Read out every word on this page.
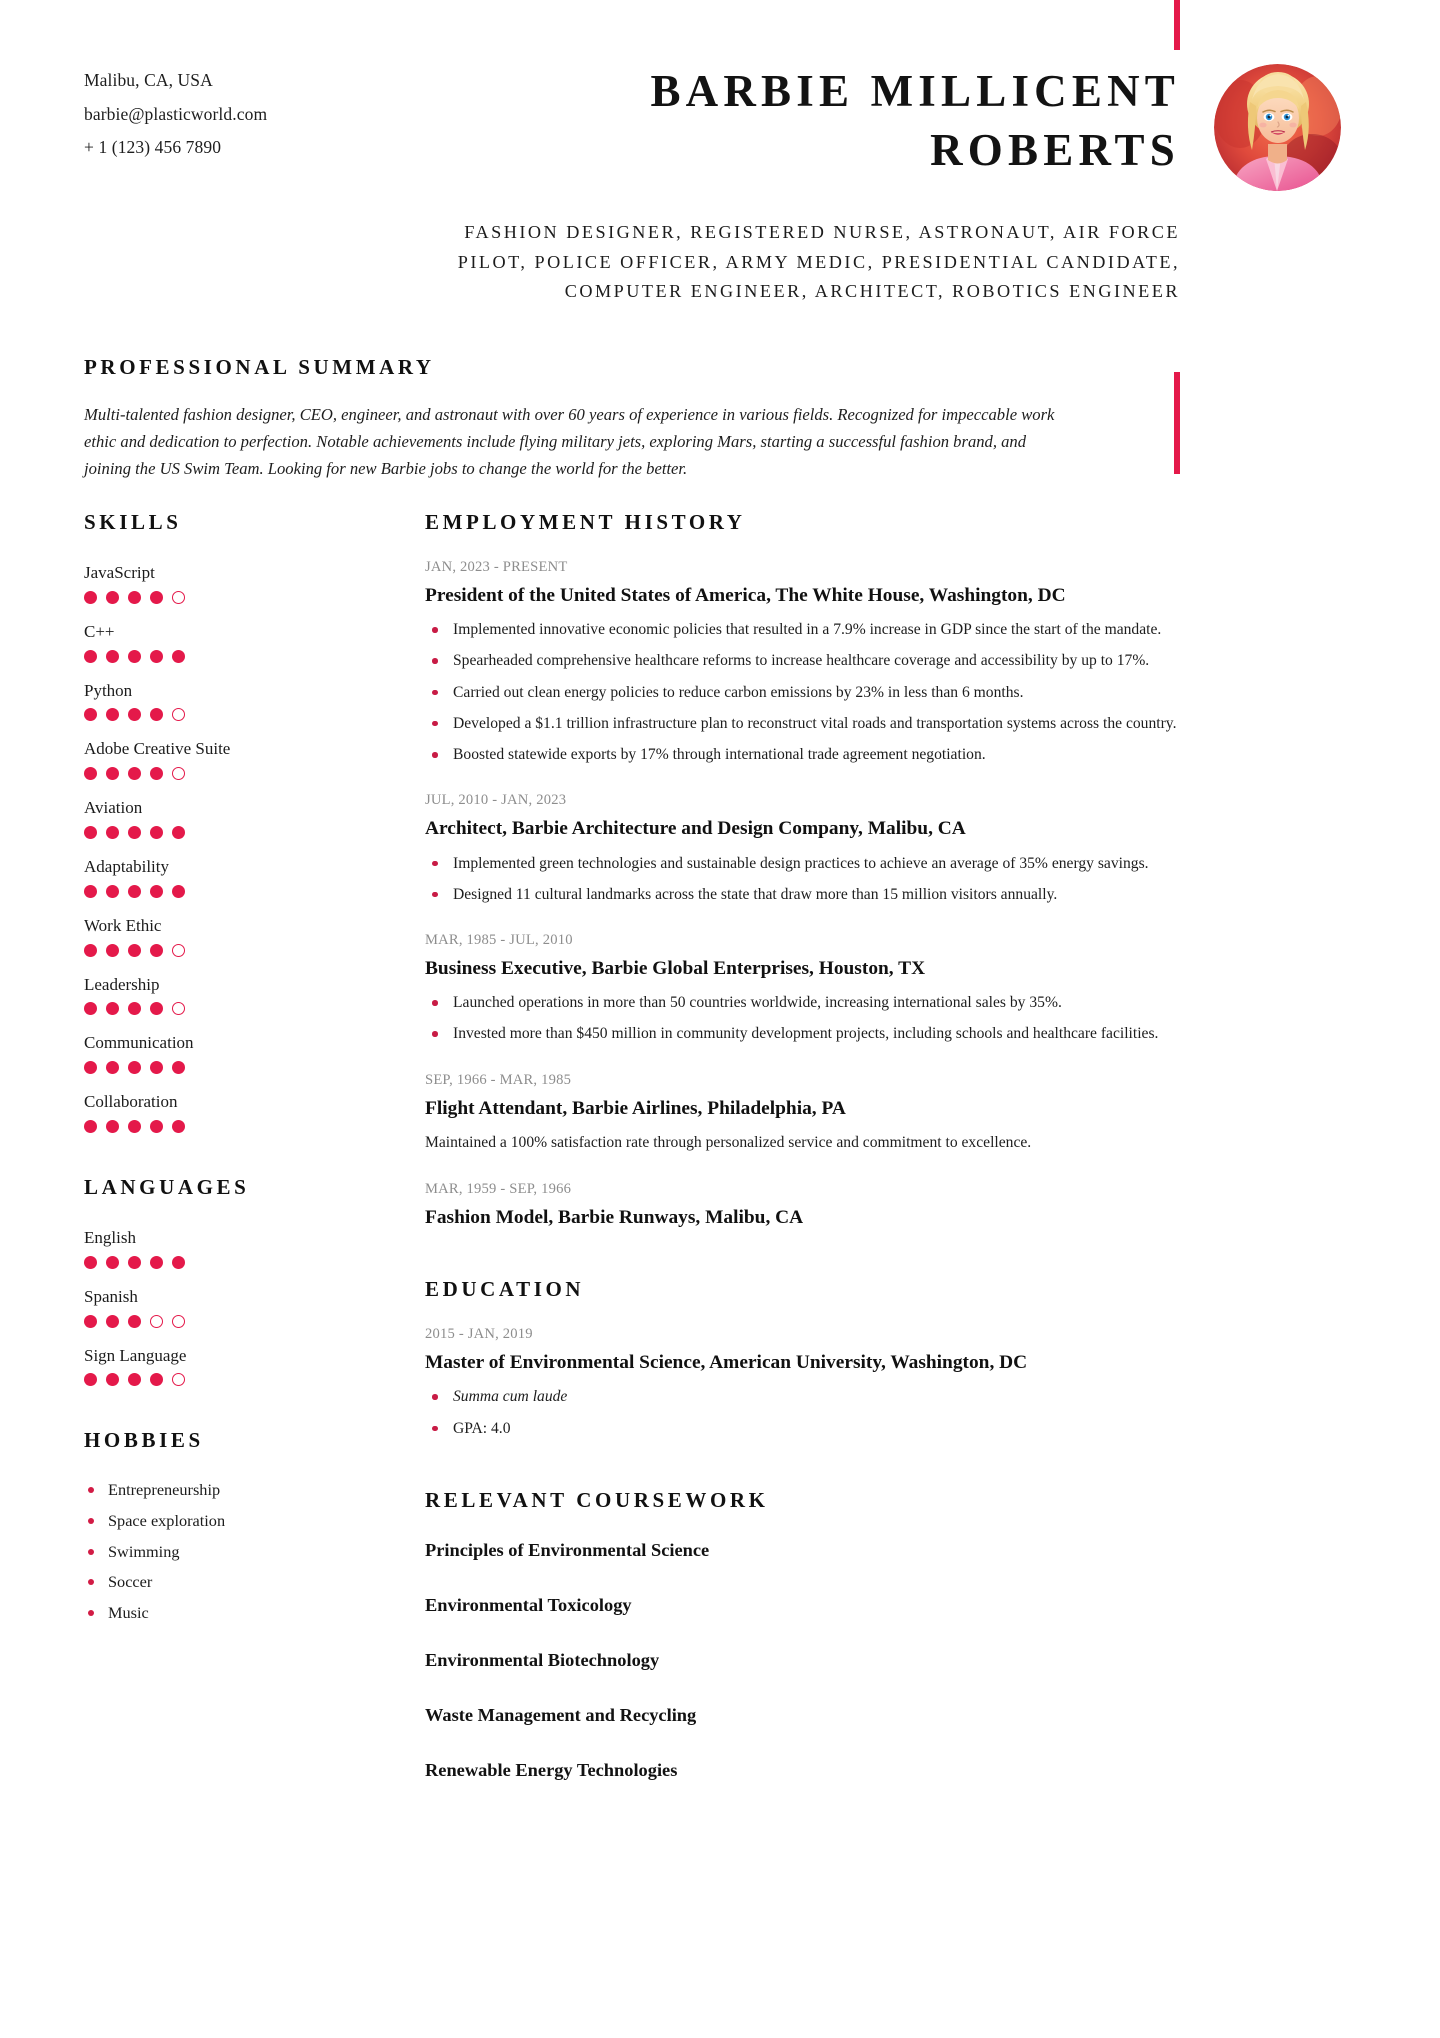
Malibu, CA, USA
barbie@plasticworld.com
+ 1 (123) 456 7890
BARBIE MILLICENT
ROBERTS
FASHION DESIGNER, REGISTERED NURSE, ASTRONAUT, AIR FORCE PILOT, POLICE OFFICER, ARMY MEDIC, PRESIDENTIAL CANDIDATE, COMPUTER ENGINEER, ARCHITECT, ROBOTICS ENGINEER
PROFESSIONAL SUMMARY
Multi-talented fashion designer, CEO, engineer, and astronaut with over 60 years of experience in various fields. Recognized for impeccable work ethic and dedication to perfection. Notable achievements include flying military jets, exploring Mars, starting a successful fashion brand, and joining the US Swim Team. Looking for new Barbie jobs to change the world for the better.
SKILLS
JavaScript
C++
Python
Adobe Creative Suite
Aviation
Adaptability
Work Ethic
Leadership
Communication
Collaboration
LANGUAGES
English
Spanish
Sign Language
HOBBIES
Entrepreneurship
Space exploration
Swimming
Soccer
Music
EMPLOYMENT HISTORY
JAN, 2023 - PRESENT
President of the United States of America, The White House, Washington, DC
Implemented innovative economic policies that resulted in a 7.9% increase in GDP since the start of the mandate.
Spearheaded comprehensive healthcare reforms to increase healthcare coverage and accessibility by up to 17%.
Carried out clean energy policies to reduce carbon emissions by 23% in less than 6 months.
Developed a $1.1 trillion infrastructure plan to reconstruct vital roads and transportation systems across the country.
Boosted statewide exports by 17% through international trade agreement negotiation.
JUL, 2010 - JAN, 2023
Architect, Barbie Architecture and Design Company, Malibu, CA
Implemented green technologies and sustainable design practices to achieve an average of 35% energy savings.
Designed 11 cultural landmarks across the state that draw more than 15 million visitors annually.
MAR, 1985 - JUL, 2010
Business Executive, Barbie Global Enterprises, Houston, TX
Launched operations in more than 50 countries worldwide, increasing international sales by 35%.
Invested more than $450 million in community development projects, including schools and healthcare facilities.
SEP, 1966 - MAR, 1985
Flight Attendant, Barbie Airlines, Philadelphia, PA
Maintained a 100% satisfaction rate through personalized service and commitment to excellence.
MAR, 1959 - SEP, 1966
Fashion Model, Barbie Runways, Malibu, CA
EDUCATION
2015 - JAN, 2019
Master of Environmental Science, American University, Washington, DC
Summa cum laude
GPA: 4.0
RELEVANT COURSEWORK
Principles of Environmental Science
Environmental Toxicology
Environmental Biotechnology
Waste Management and Recycling
Renewable Energy Technologies
